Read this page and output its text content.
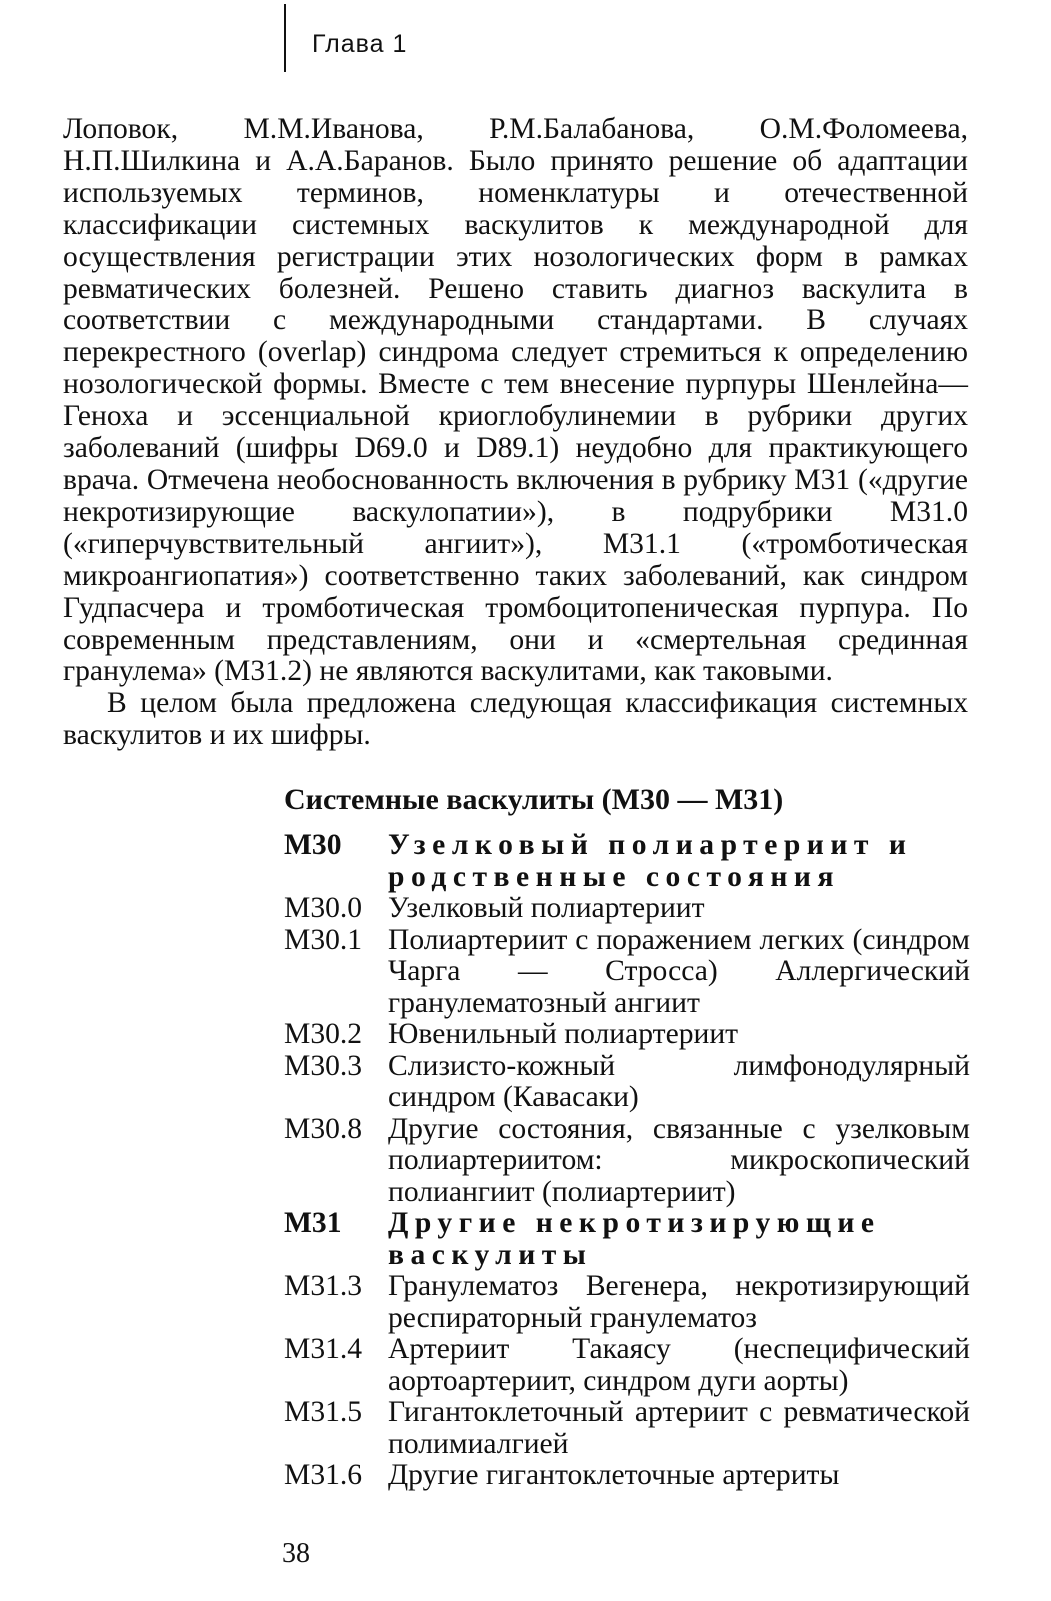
Глава 1

Лоповок, М.М.Иванова, Р.М.Балабанова, О.М.Фоломеева, Н.П.Шилкина и А.А.Баранов. Было принято решение об адаптации используемых терминов, номенклатуры и отечественной классификации системных васкулитов к международной для осуществления регистрации этих нозологических форм в рамках ревматических болезней. Решено ставить диагноз васкулита в соответствии с международными стандартами. В случаях перекрестного (overlap) синдрома следует стремиться к определению нозологической формы. Вместе с тем внесение пурпуры Шенлейна—Геноха и эссенциальной криоглобулинемии в рубрики других заболеваний (шифры D69.0 и D89.1) неудобно для практикующего врача. Отмечена необоснованность включения в рубрику М31 («другие некротизирующие васкулопатии»), в подрубрики М31.0 («гиперчувствительный ангиит»), М31.1 («тромботическая микроангиопатия») соответственно таких заболеваний, как синдром Гудпасчера и тромботическая тромбоцитопеническая пурпура. По современным представлениям, они и «смертельная срединная гранулема» (М31.2) не являются васкулитами, как таковыми.

В целом была предложена следующая классификация системных васкулитов и их шифры.

Системные васкулиты (М30 — М31)
М30	Узелковый полиартериит и родственные состояния
М30.0 Узелковый полиартериит
М30.1 Полиартериит с поражением легких (синдром Чарга — Стросса) Аллергический гранулематозный ангиит
М30.2 Ювенильный полиартериит
М30.3 Слизисто-кожный лимфонодулярный синдром (Кавасаки)
М30.8 Другие состояния, связанные с узелковым полиартериитом: микроскопический полиангиит (полиартериит)
М31	Другие некротизирующие васкулиты
М31.3 Гранулематоз Вегенера, некротизирующий респираторный гранулематоз
М31.4 Артериит Такаясу (неспецифический аортоартериит, синдром дуги аорты)
М31.5 Гигантоклеточный артериит с ревматической полимиалгией
М31.6 Другие гигантоклеточные артериты
38
